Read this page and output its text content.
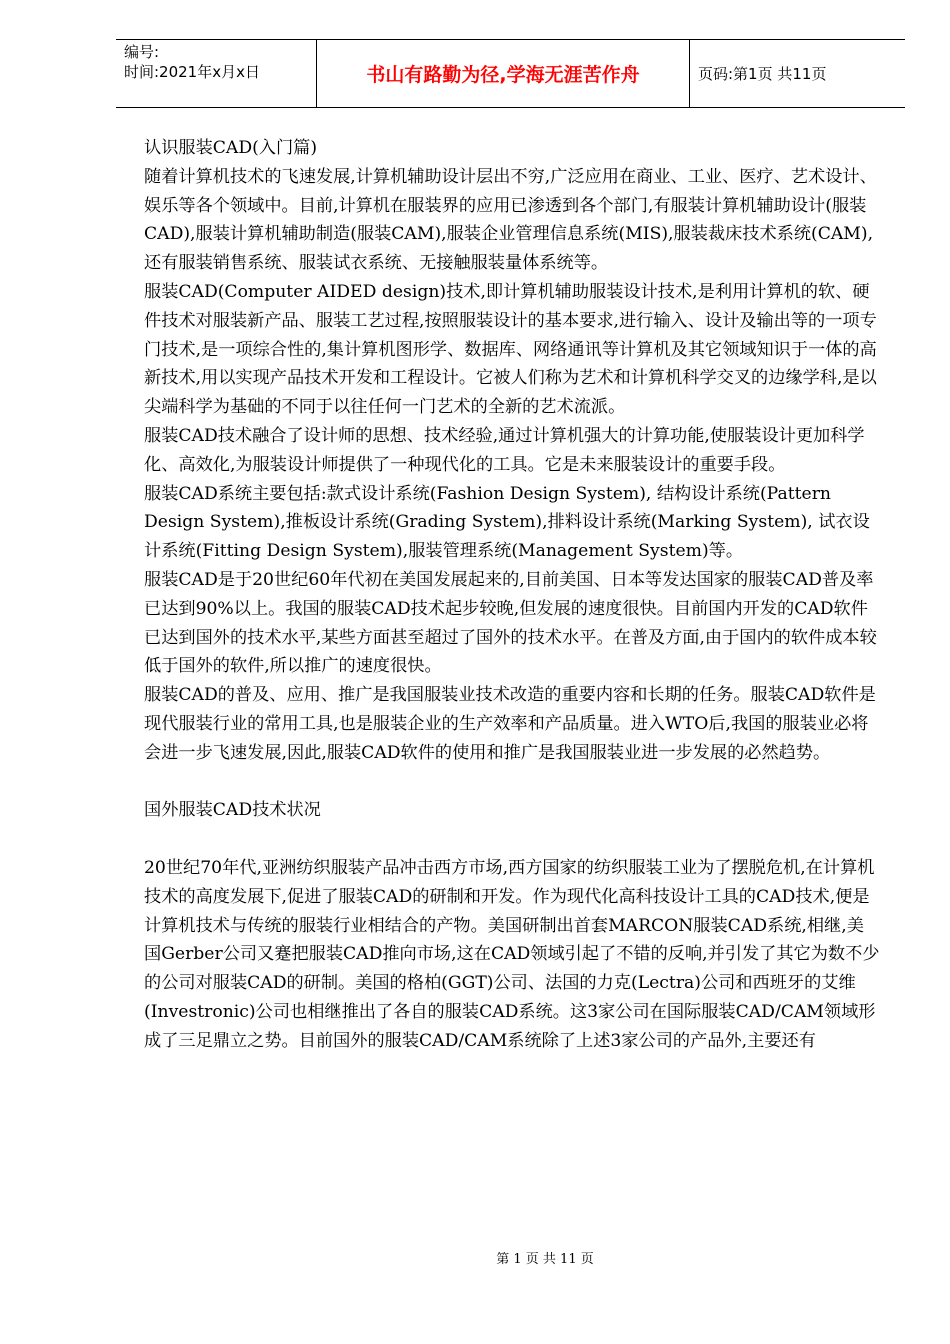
编号:
时间:2021年x月x日	书山有路勤为径,学海无涯苦作舟	页码:第1页 共11页

认识服装CAD(入门篇)

随着计算机技术的飞速发展,计算机辅助设计层出不穷,广泛应用在商业、工业、医疗、艺术设计、娱乐等各个领域中。目前,计算机在服装界的应用已渗透到各个部门,有服装计算机辅助设计(服装CAD),服装计算机辅助制造(服装CAM),服装企业管理信息系统(MIS),服装裁床技术系统(CAM),还有服装销售系统、服装试衣系统、无接触服装量体系统等。

服装CAD(Computer AIDED design)技术,即计算机辅助服装设计技术,是利用计算机的软、硬件技术对服装新产品、服装工艺过程,按照服装设计的基本要求,进行输入、设计及输出等的一项专门技术,是一项综合性的,集计算机图形学、数据库、网络通讯等计算机及其它领域知识于一体的高新技术,用以实现产品技术开发和工程设计。它被人们称为艺术和计算机科学交叉的边缘学科,是以尖端科学为基础的不同于以往任何一门艺术的全新的艺术流派。

服装CAD技术融合了设计师的思想、技术经验,通过计算机强大的计算功能,使服装设计更加科学化、高效化,为服装设计师提供了一种现代化的工具。它是未来服装设计的重要手段。

服装CAD系统主要包括:款式设计系统(Fashion Design System), 结构设计系统(Pattern Design System),推板设计系统(Grading System),排料设计系统(Marking System), 试衣设计系统(Fitting Design System),服装管理系统(Management System)等。

服装CAD是于20世纪60年代初在美国发展起来的,目前美国、日本等发达国家的服装CAD普及率已达到90%以上。我国的服装CAD技术起步较晚,但发展的速度很快。目前国内开发的CAD软件已达到国外的技术水平,某些方面甚至超过了国外的技术水平。在普及方面,由于国内的软件成本较低于国外的软件,所以推广的速度很快。

服装CAD的普及、应用、推广是我国服装业技术改造的重要内容和长期的任务。服装CAD软件是现代服装行业的常用工具,也是服装企业的生产效率和产品质量。进入WTO后,我国的服装业必将会进一步飞速发展,因此,服装CAD软件的使用和推广是我国服装业进一步发展的必然趋势。

国外服装CAD技术状况

20世纪70年代,亚洲纺织服装产品冲击西方市场,西方国家的纺织服装工业为了摆脱危机,在计算机技术的高度发展下,促进了服装CAD的研制和开发。作为现代化高科技设计工具的CAD技术,便是计算机技术与传统的服装行业相结合的产物。美国研制出首套MARCON服装CAD系统,相继,美国Gerber公司又蹇把服装CAD推向市场,这在CAD领域引起了不错的反响,并引发了其它为数不少的公司对服装CAD的研制。美国的格柏(GGT)公司、法国的力克(Lectra)公司和西班牙的艾维(Investronic)公司也相继推出了各自的服装CAD系统。这3家公司在国际服装CAD/CAM领域形成了三足鼎立之势。目前国外的服装CAD/CAM系统除了上述3家公司的产品外,主要还有

第 1 页 共 11 页
